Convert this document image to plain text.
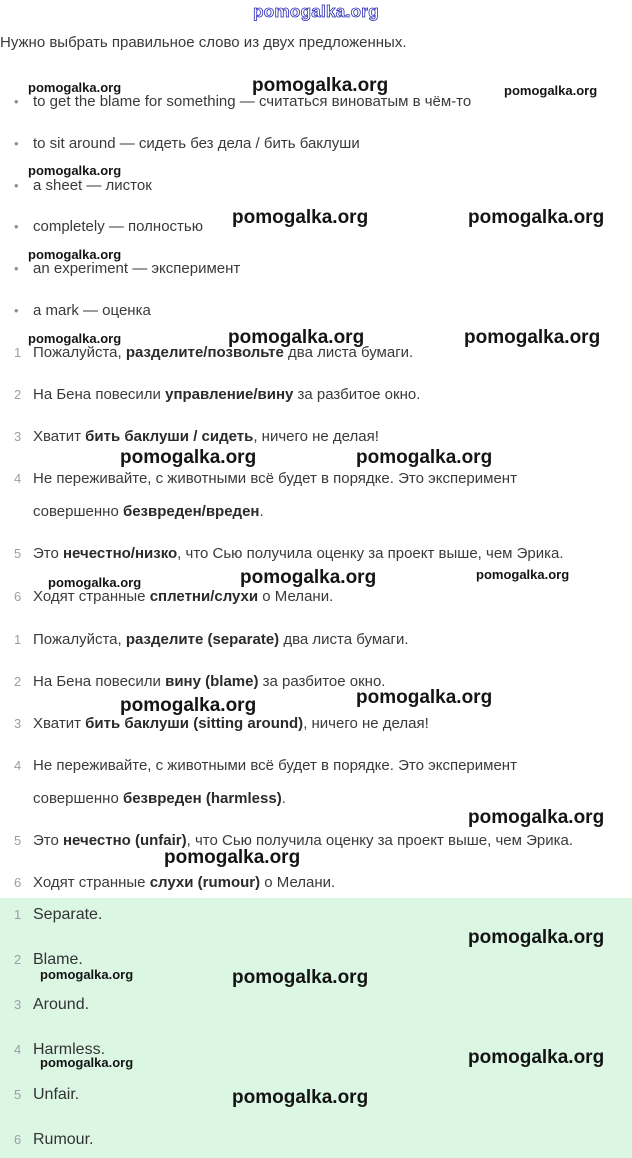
pomogalka.org
Нужно выбрать правильное слово из двух предложенных.
• to get the blame for something — считаться виноватым в чём-то
• to sit around — сидеть без дела / бить баклуши
• a sheet — листок
• completely — полностью
• an experiment — эксперимент
• a mark — оценка
1 Пожалуйста, разделите/позвольте два листа бумаги.
2 На Бена повесили управление/вину за разбитое окно.
3 Хватит бить баклуши / сидеть, ничего не делая!
4 Не переживайте, с животными всё будет в порядке. Это эксперимент
совершенно безвреден/вреден.
5 Это нечестно/низко, что Сью получила оценку за проект выше, чем Эрика.
6 Ходят странные сплетни/слухи о Мелани.
1 Пожалуйста, разделите (separate) два листа бумаги.
2 На Бена повесили вину (blame) за разбитое окно.
3 Хватит бить баклуши (sitting around), ничего не делая!
4 Не переживайте, с животными всё будет в порядке. Это эксперимент
совершенно безвреден (harmless).
5 Это нечестно (unfair), что Сью получила оценку за проект выше, чем Эрика.
6 Ходят странные слухи (rumour) о Мелани.
1 Separate.
2 Blame.
3 Around.
4 Harmless.
5 Unfair.
6 Rumour.
pomogalka.org	pomogalka.org	pomogalka.org
pomogalka.org
pomogalka.org	pomogalka.org
pomogalka.org
pomogalka.org	pomogalka.org	pomogalka.org
pomogalka.org	pomogalka.org
pomogalka.org	pomogalka.org	pomogalka.org
pomogalka.org
pomogalka.org
pomogalka.org
pomogalka.org
pomogalka.org
pomogalka.org	pomogalka.org
pomogalka.org	pomogalka.org
pomogalka.org
